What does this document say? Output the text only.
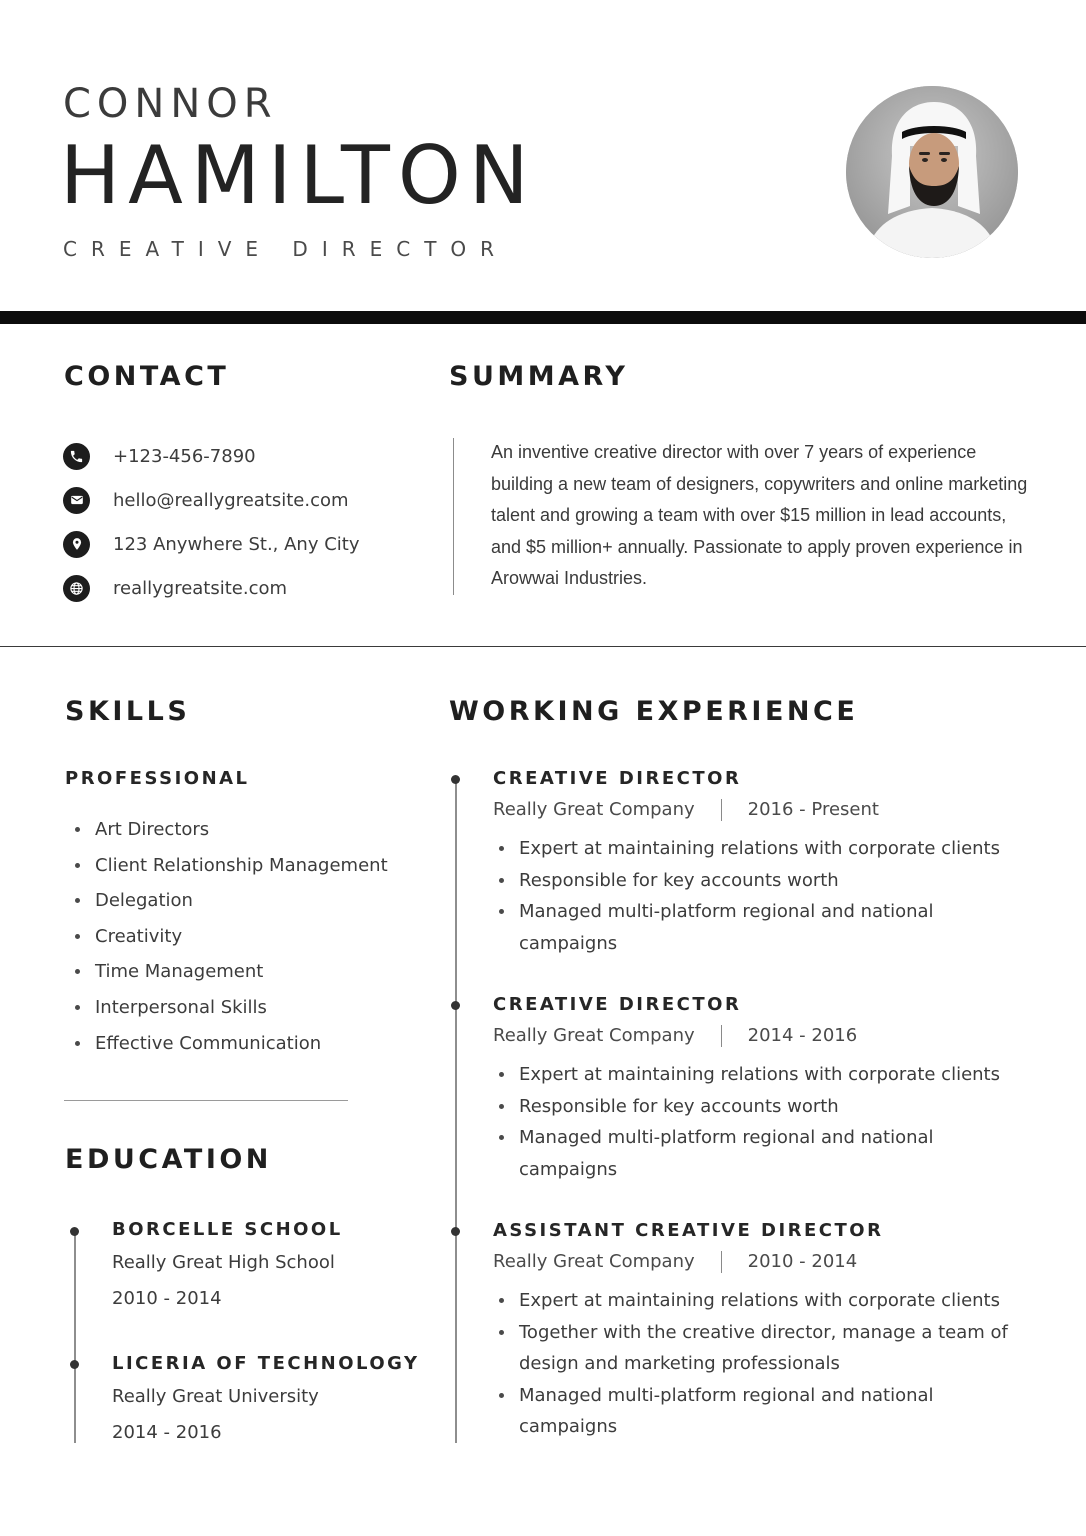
CONNOR
HAMILTON
CREATIVE DIRECTOR
CONTACT
+123-456-7890
hello@reallygreatsite.com
123 Anywhere St., Any City
reallygreatsite.com
SUMMARY
An inventive creative director with over 7 years of experience building a new team of designers, copywriters and online marketing talent and growing a team with over $15 million in lead accounts, and $5 million+ annually. Passionate to apply proven experience in Arowwai Industries.
SKILLS
PROFESSIONAL
Art Directors
Client Relationship Management
Delegation
Creativity
Time Management
Interpersonal Skills
Effective Communication
EDUCATION
BORCELLE SCHOOL
Really Great High School
2010 - 2014
LICERIA OF TECHNOLOGY
Really Great University
2014 - 2016
WORKING EXPERIENCE
CREATIVE DIRECTOR
Really Great Company	2016 - Present
Expert at maintaining relations with corporate clients
Responsible for key accounts worth
Managed multi-platform regional and national campaigns
CREATIVE DIRECTOR
Really Great Company	2014 - 2016
Expert at maintaining relations with corporate clients
Responsible for key accounts worth
Managed multi-platform regional and national campaigns
ASSISTANT CREATIVE DIRECTOR
Really Great Company	2010 - 2014
Expert at maintaining relations with corporate clients
Together with the creative director, manage a team of design and marketing professionals
Managed multi-platform regional and national campaigns
